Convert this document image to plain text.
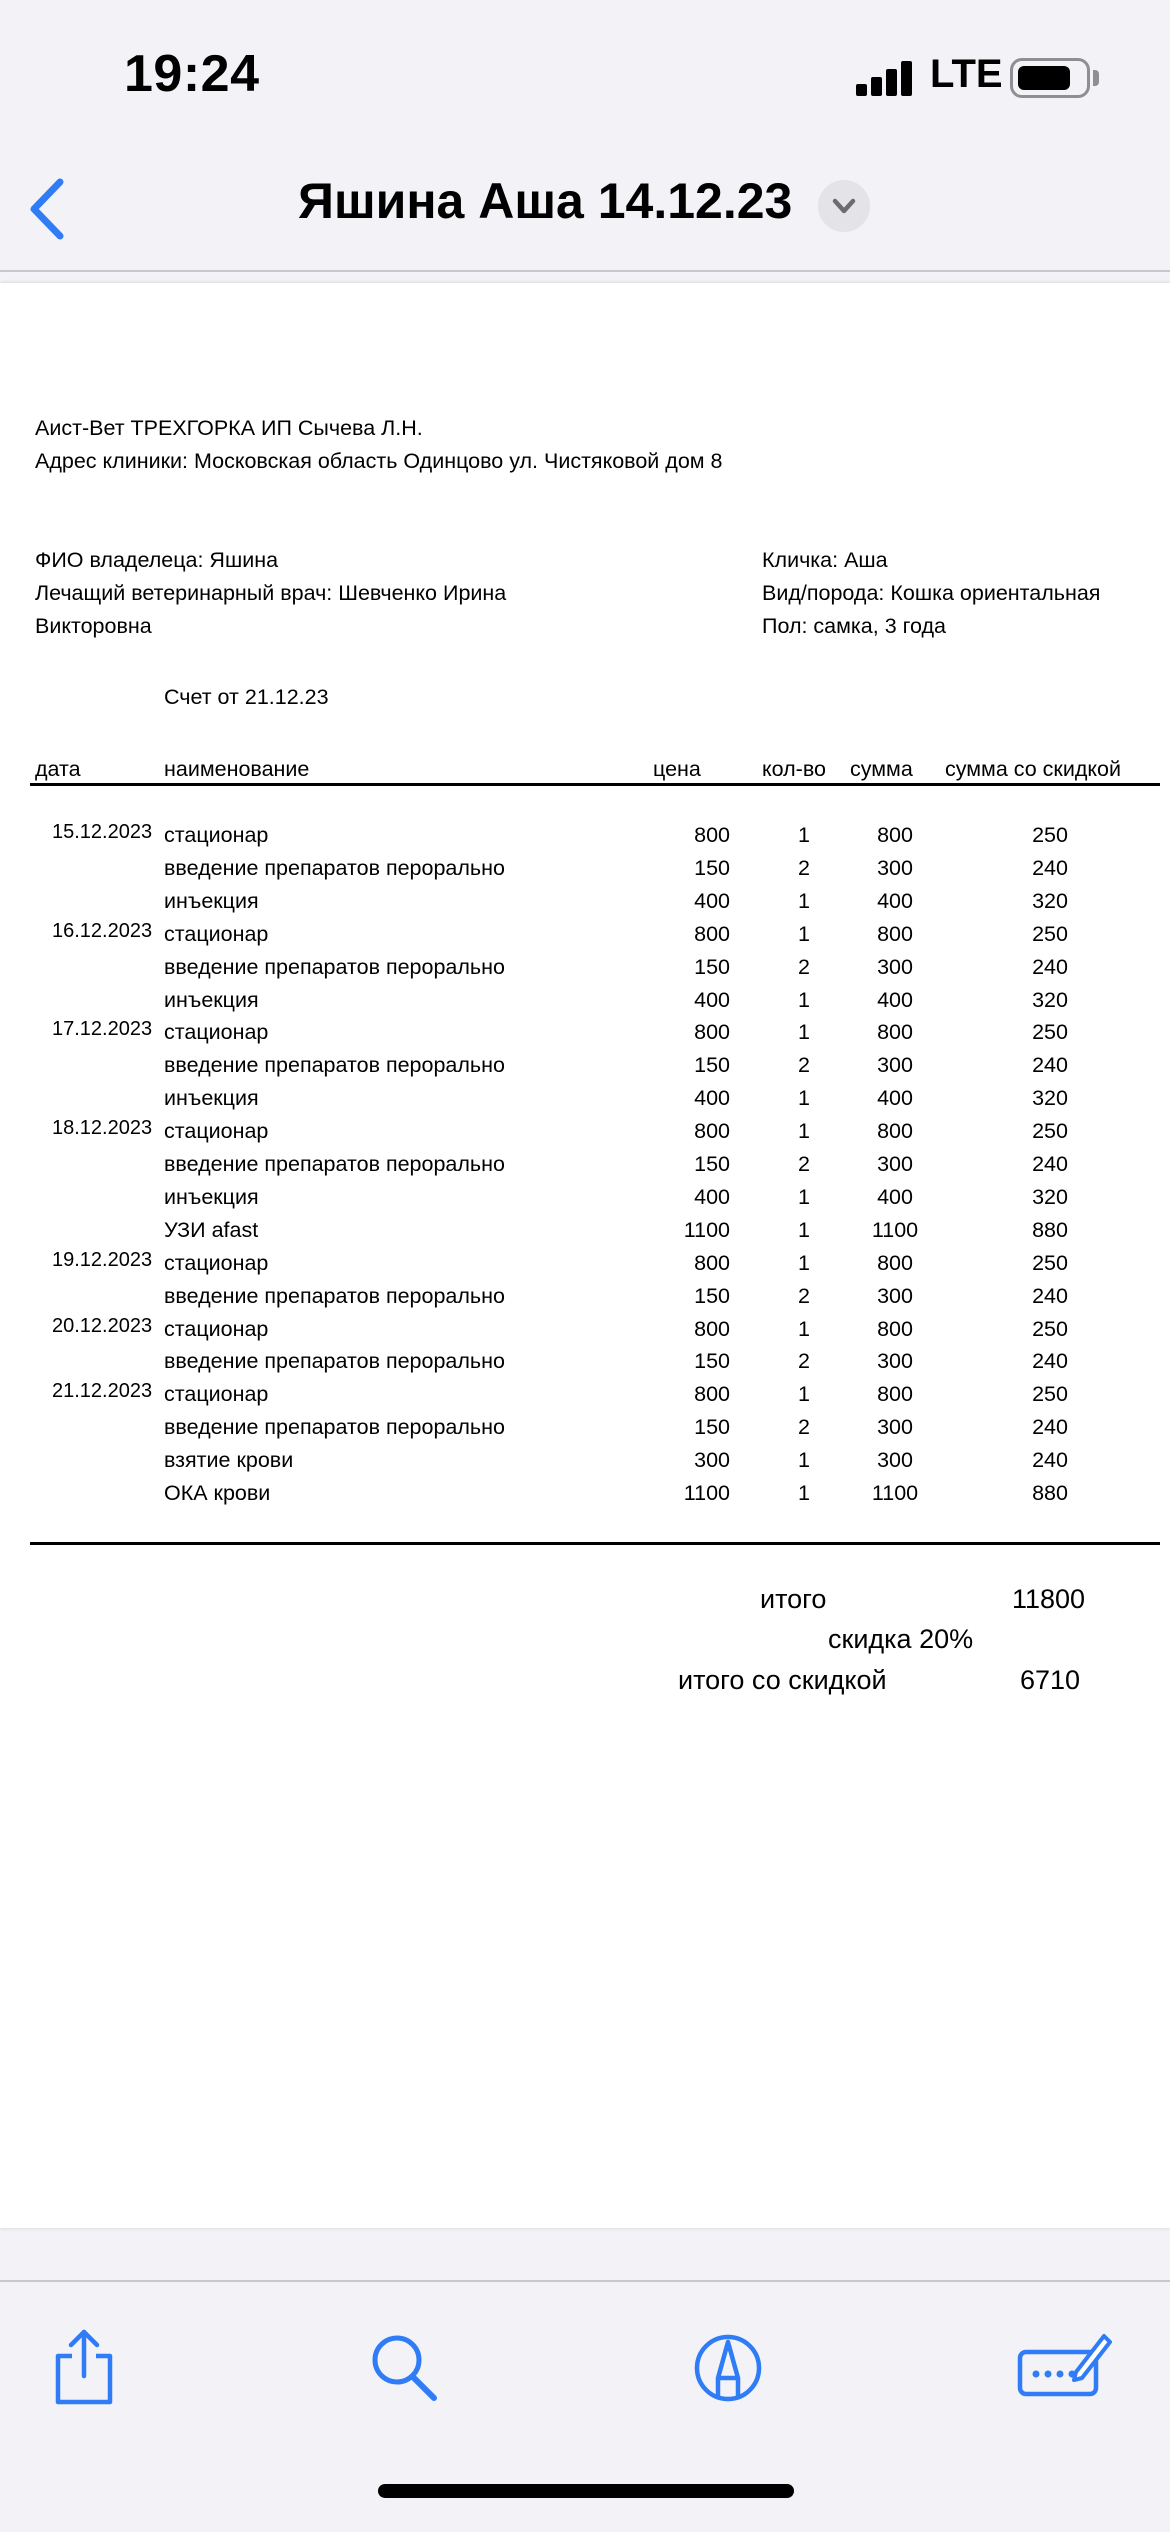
19:24	LTE
Яшина Аша 14.12.23
Аист-Вет ТРЕХГОРКА ИП Сычева Л.Н.
Адрес клиники: Московская область Одинцово ул. Чистяковой дом 8
ФИО владелеца: Яшина
Лечащий ветеринарный врач: Шевченко Ирина
Викторовна
Кличка: Аша
Вид/порода: Кошка ориентальная
Пол: самка, 3 года
Счет от 21.12.23
дата	наименование	цена	кол-во сумма сумма со скидкой
15.12.2023 стационар	800	1	800	250
введение препаратов перорально	150	2	300	240
инъекция	400	1	400	320
16.12.2023 стационар	800	1	800	250
введение препаратов перорально	150	2	300	240
инъекция	400	1	400	320
17.12.2023 стационар	800	1	800	250
введение препаратов перорально	150	2	300	240
инъекция	400	1	400	320
18.12.2023 стационар	800	1	800	250
введение препаратов перорально	150	2	300	240
инъекция	400	1	400	320
УЗИ afast	1100	1	1100	880
19.12.2023 стационар	800	1	800	250
введение препаратов перорально	150	2	300	240
20.12.2023 стационар	800	1	800	250
введение препаратов перорально	150	2	300	240
21.12.2023 стационар	800	1	800	250
введение препаратов перорально	150	2	300	240
взятие крови	300	1	300	240
ОКА крови	1100	1	1100	880
итого	11800
скидка 20%
итого со скидкой	6710
